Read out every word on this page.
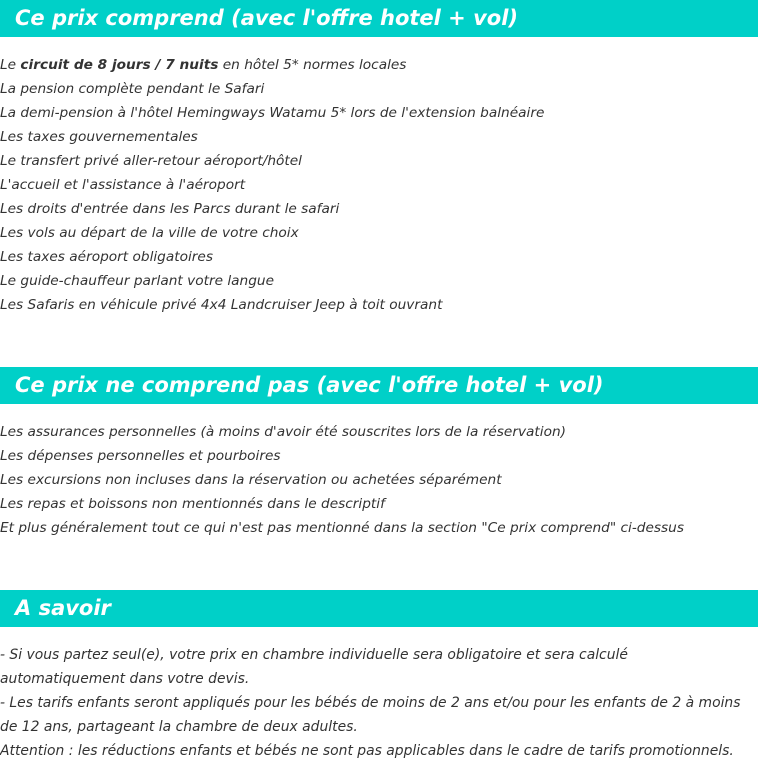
Ce prix comprend (avec l'offre hotel + vol)
Le circuit de 8 jours / 7 nuits en hôtel 5* normes locales
La pension complète pendant le Safari
La demi-pension à l'hôtel Hemingways Watamu 5* lors de l'extension balnéaire
Les taxes gouvernementales
Le transfert privé aller-retour aéroport/hôtel
L'accueil et l'assistance à l'aéroport
Les droits d'entrée dans les Parcs durant le safari
Les vols au départ de la ville de votre choix
Les taxes aéroport obligatoires
Le guide-chauffeur parlant votre langue
Les Safaris en véhicule privé 4x4 Landcruiser Jeep à toit ouvrant
Ce prix ne comprend pas (avec l'offre hotel + vol)
Les assurances personnelles (à moins d'avoir été souscrites lors de la réservation)
Les dépenses personnelles et pourboires
Les excursions non incluses dans la réservation ou achetées séparément
Les repas et boissons non mentionnés dans le descriptif
Et plus généralement tout ce qui n'est pas mentionné dans la section "Ce prix comprend" ci-dessus
A savoir

- Si vous partez seul(e), votre prix en chambre individuelle sera obligatoire et sera calculé automatiquement dans votre devis.

- Les tarifs enfants seront appliqués pour les bébés de moins de 2 ans et/ou pour les enfants de 2 à moins de 12 ans, partageant la chambre de deux adultes.

Attention : les réductions enfants et bébés ne sont pas applicables dans le cadre de tarifs promotionnels.
